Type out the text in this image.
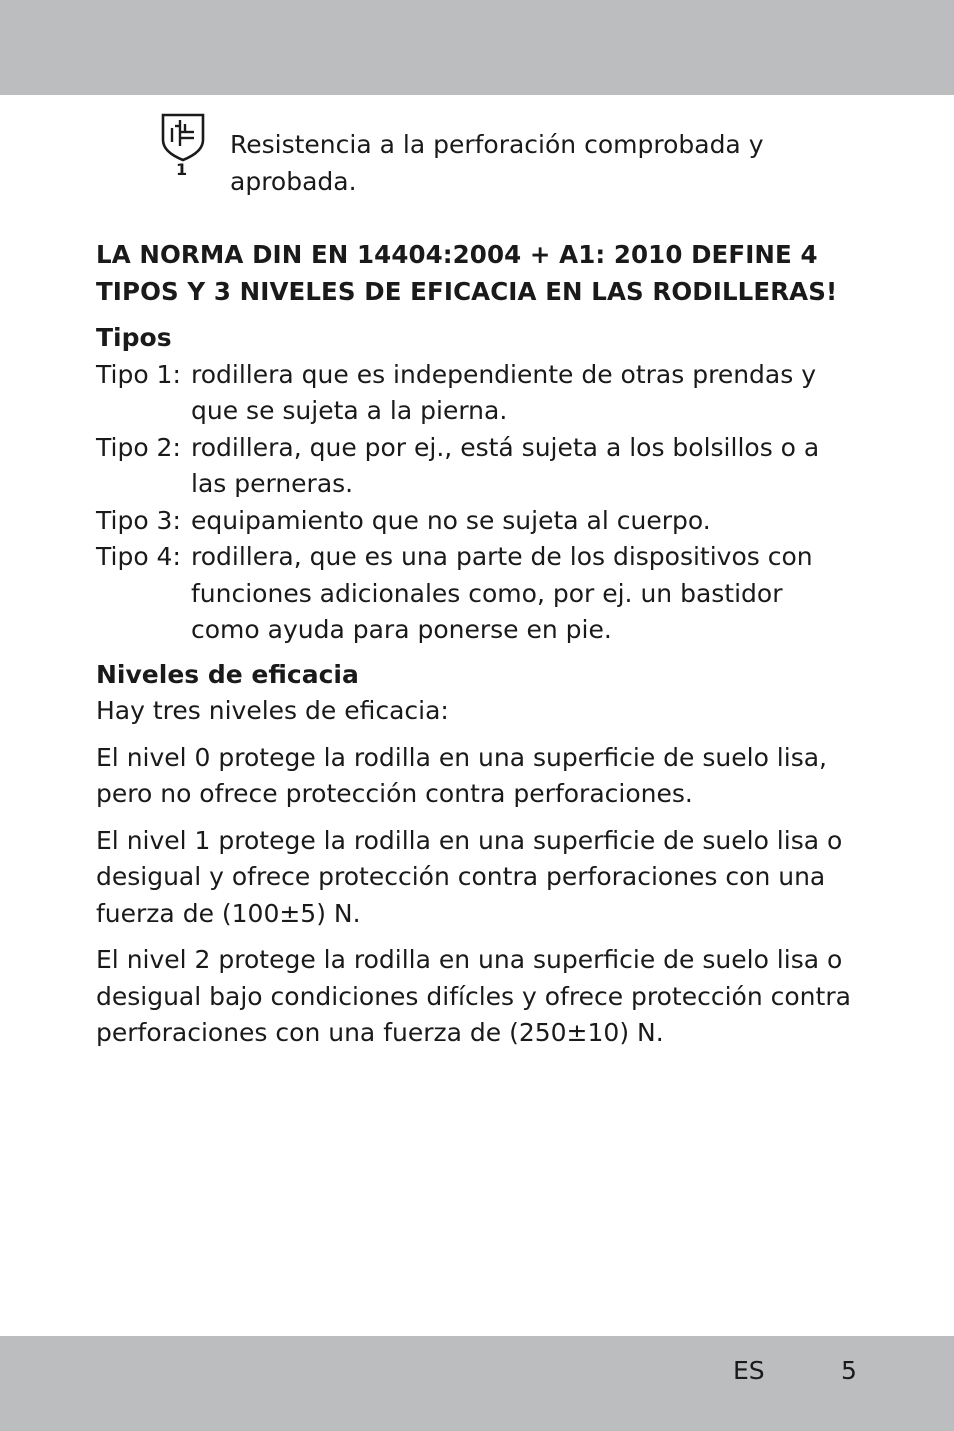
1
Resistencia a la perforación comprobada y aprobada.

LA NORMA DIN EN 14404:2004 + A1: 2010 DEFINE 4 TIPOS Y 3 NIVELES DE EFICACIA EN LAS RODILLERAS!

Tipos

Tipo 1: rodillera que es independiente de otras prendas y que se sujeta a la pierna.
Tipo 2: rodillera, que por ej., está sujeta a los bolsillos o a las perneras.
Tipo 3: equipamiento que no se sujeta al cuerpo.
Tipo 4: rodillera, que es una parte de los dispositivos con funciones adicionales como, por ej. un bastidor como ayuda para ponerse en pie.

Niveles de eficacia

Hay tres niveles de eficacia:

El nivel 0 protege la rodilla en una superficie de suelo lisa, pero no ofrece protección contra perforaciones.

El nivel 1 protege la rodilla en una superficie de suelo lisa o desigual y ofrece protección contra perforaciones con una fuerza de (100±5) N.

El nivel 2 protege la rodilla en una superficie de suelo lisa o desigual bajo condiciones difícles y ofrece protección contra perforaciones con una fuerza de (250±10) N.

ES	5
